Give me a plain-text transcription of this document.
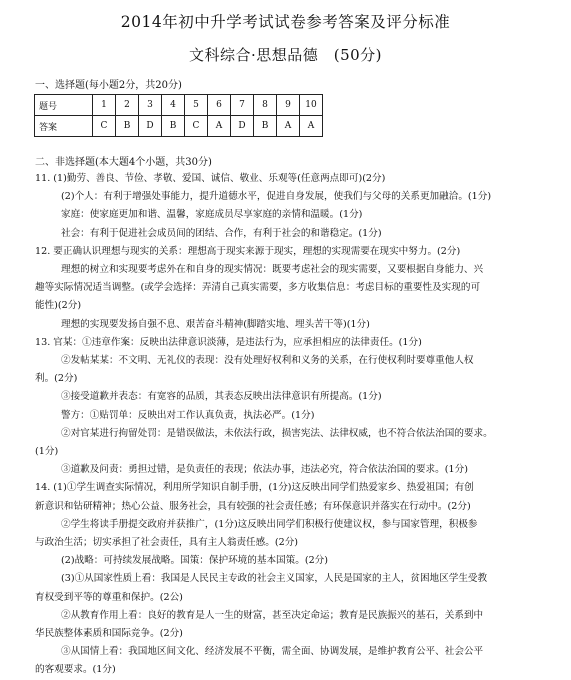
2014年初中升学考试试卷参考答案及评分标准
文科综合·思想品德　(50分)
一、选择题(每小题2分，共20分)
题号	1	2	3	4	5	6	7	8	9	10
答案	C	B	D	B	C	A	D	B	A	A
二、非选择题(本大题4个小题，共30分)

11. (1)勤劳、善良、节俭、孝敬、爱国、诚信、敬业、乐观等(任意两点即可)(2分)

(2)个人：有利于增强处事能力，提升道德水平，促进自身发展，使我们与父母的关系更加融洽。(1分)

家庭：使家庭更加和谐、温馨，家庭成员尽享家庭的亲情和温暖。(1分)

社会：有利于促进社会成员间的团结、合作，有利于社会的和谐稳定。(1分)

12. 要正确认识理想与现实的关系：理想高于现实来源于现实，理想的实现需要在现实中努力。(2分)

理想的树立和实现要考虑外在和自身的现实情况：既要考虑社会的现实需要，又要根据自身能力、兴

趣等实际情况适当调整。(或学会选择：弄清自己真实需要，多方收集信息：考虑目标的重要性及实现的可

能性)(2分)

理想的实现要发扬自强不息、艰苦奋斗精神(脚踏实地、埋头苦干等)(1分)

13. 官某：①违章作案：反映出法律意识淡薄，是违法行为，应承担相应的法律责任。(1分)

②发帖某某：不文明、无礼仪的表现：没有处理好权利和义务的关系，在行使权利时要尊重他人权

利。(2分)

③接受道歉并表态：有宽容的品质，其表态反映出法律意识有所提高。(1分)

警方：①贴罚单：反映出对工作认真负责，执法必严。(1分)

②对官某进行拘留处罚：是错误做法，未依法行政，损害宪法、法律权威，也不符合依法治国的要求。

(1分)

③道歉及问责：勇担过错，是负责任的表现；依法办事，违法必究，符合依法治国的要求。(1分)

14. (1)①学生调查实际情况，利用所学知识自制手册，(1分)这反映出同学们热爱家乡、热爱祖国；有创

新意识和钻研精神；热心公益、服务社会，具有较强的社会责任感；有环保意识并落实在行动中。(2分)

②学生将读手册提交政府并获推广，(1分)这反映出同学们积极行使建议权，参与国家管理，积极参

与政治生活；切实承担了社会责任，具有主人翁责任感。(2分)

(2)战略：可持续发展战略。国策：保护环境的基本国策。(2分)

(3)①从国家性质上看：我国是人民民主专政的社会主义国家，人民是国家的主人，贫困地区学生受教

育权受到平等的尊重和保护。(2公)

②从教育作用上看：良好的教育是人一生的财富，甚至决定命运；教育是民族振兴的基石，关系到中

华民族整体素质和国际竞争。(2分)

③从国情上看：我国地区间文化、经济发展不平衡，需全面、协调发展，是维护教育公平、社会公平

的客观要求。(1分)
